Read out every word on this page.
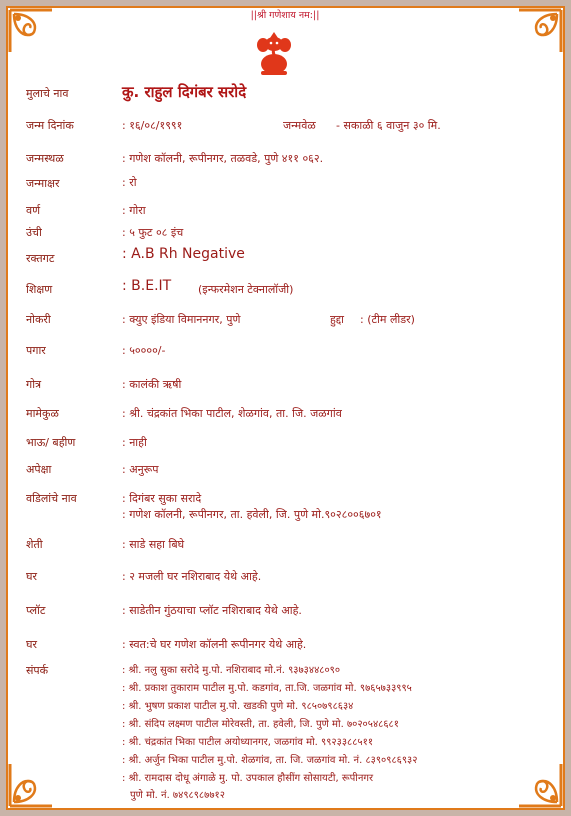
||श्री गणेशाय नम:||
मुलाचे नाव	कु. राहुल दिगंबर सरोदे
जन्म दिनांक	: १६/०८/१९९१	जन्मवेळ - सकाळी ६ वाजुन ३० मि.
जन्मस्थळ	: गणेश कॉलनी, रूपीनगर, तळवडे, पुणे ४११ ०६२.
जन्माक्षर	: रो
वर्ण	: गोरा
उंची	: ५ फुट ०८ इंच
रक्तगट	: A.B Rh Negative
शिक्षण	: B.E.IT (इन्फरमेशन टेक्नालॉजी)
नोकरी	: क्युए इंडिया विमाननगर, पुणे	हुद्दा : (टीम लीडर)
पगार	: ५००००/-
गोत्र	: कालंकी ऋषी
मामेकुळ	: श्री. चंद्रकांत भिका पाटील, शेळगांव, ता. जि. जळगांव
भाऊ/ बहीण	: नाही
अपेक्षा	: अनुरूप
वडिलांचे नाव	: दिगंबर सुका सरादे
: गणेश कॉलनी, रूपीनगर, ता. हवेली, जि. पुणे मो.९०२८००६७०१
शेती	: साडे सहा बिघे
घर	: २ मजली घर नशिराबाद येथे आहे.
प्लॉट	: साडेतीन गुंठयाचा प्लॉट नशिराबाद येथे आहे.
घर	: स्वत:चे घर गणेश कॉलनी रूपीनगर येथे आहे.
संपर्क	: श्री. नलु सुका सरोदे मु.पो. नशिराबाद मो.नं. ९३७३४४८०९०
: श्री. प्रकाश तुकाराम पाटील मु.पो. कडगांव, ता.जि. जळगांव मो. ९७६५७३३९९५
: श्री. भुषण प्रकाश पाटील मु.पो. खडकी पुणे मो. ९८५०७९८६३४
: श्री. संदिप लक्ष्मण पाटील मोरेवस्ती, ता. हवेली, जि. पुणे मो. ७०२०५४८६८१
: श्री. चंद्रकांत भिका पाटील अयोध्यानगर, जळगांव मो. ९९२३३८८५११
: श्री. अर्जुन भिका पाटील मु.पो. शेळगांव, ता. जि. जळगांव मो. नं. ८३९०९८६९३२
: श्री. रामदास दोधू अंगाळे मु. पो. उपकाल हौसींग सोसायटी, रूपीनगर
पुणे मो. नं. ७४९८९८७७१२
